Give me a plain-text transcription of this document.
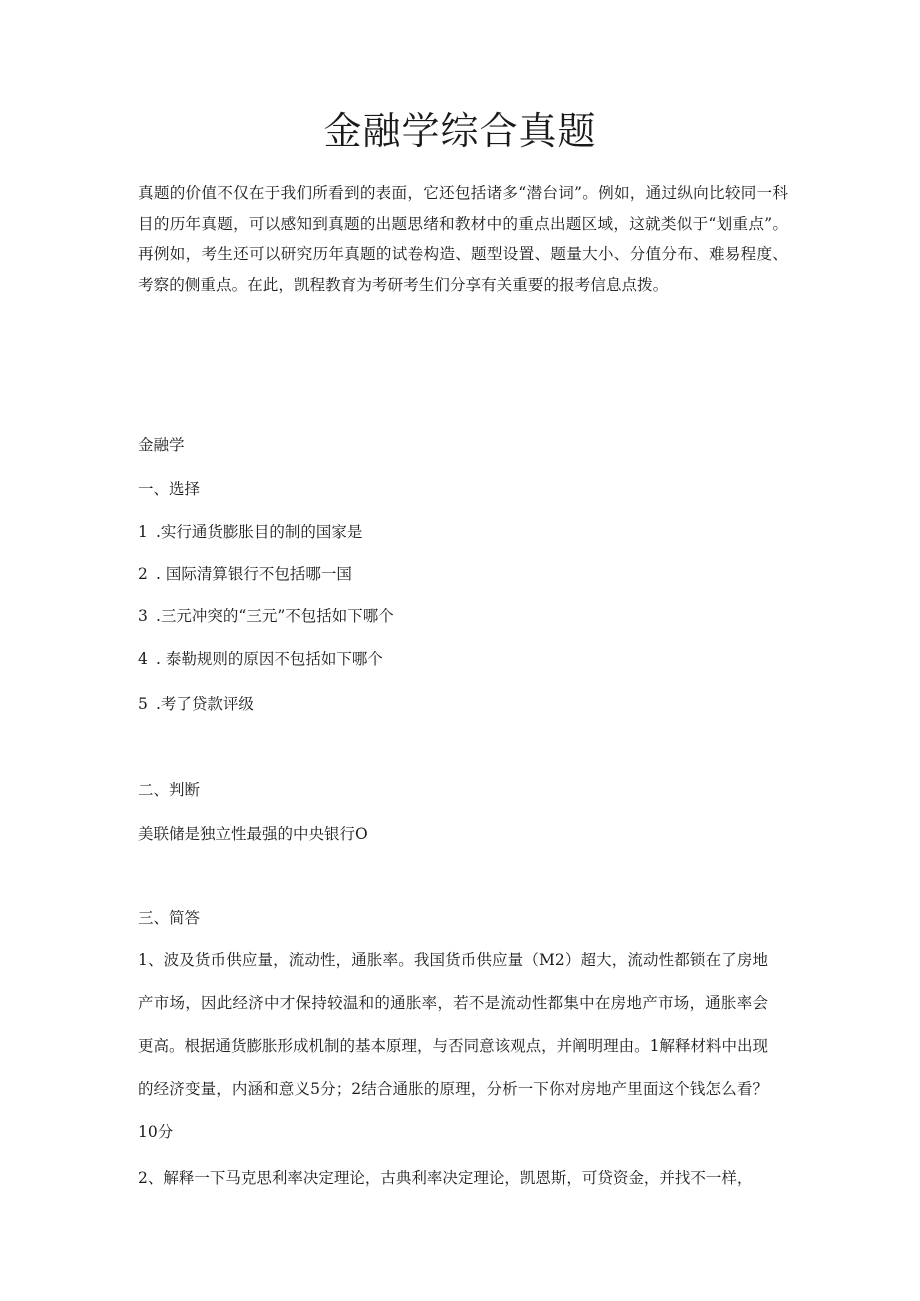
金融学综合真题

真题的价值不仅在于我们所看到的表面，它还包括诸多“潜台词”。例如，通过纵向比较同一科目的历年真题，可以感知到真题的出题思绪和教材中的重点出题区域，这就类似于“划重点”。再例如，考生还可以研究历年真题的试卷构造、题型设置、题量大小、分值分布、难易程度、考察的侧重点。在此，凯程教育为考研考生们分享有关重要的报考信息点拨。

金融学

一、选择

1 .实行通货膨胀目的制的国家是

2 . 国际清算银行不包括哪一国

3 .三元冲突的“三元”不包括如下哪个

4 . 泰勒规则的原因不包括如下哪个

5 .考了贷款评级

二、判断

美联储是独立性最强的中央银行O

三、简答

1、波及货币供应量，流动性，通胀率。我国货币供应量（M2）超大，流动性都锁在了房地产市场，因此经济中才保持较温和的通胀率，若不是流动性都集中在房地产市场，通胀率会更高。根据通货膨胀形成机制的基本原理，与否同意该观点，并阐明理由。1解释材料中出现的经济变量，内涵和意义5分；2结合通胀的原理，分析一下你对房地产里面这个钱怎么看？10分

2、解释一下马克思利率决定理论，古典利率决定理论，凯恩斯，可贷资金，并找不一样，
